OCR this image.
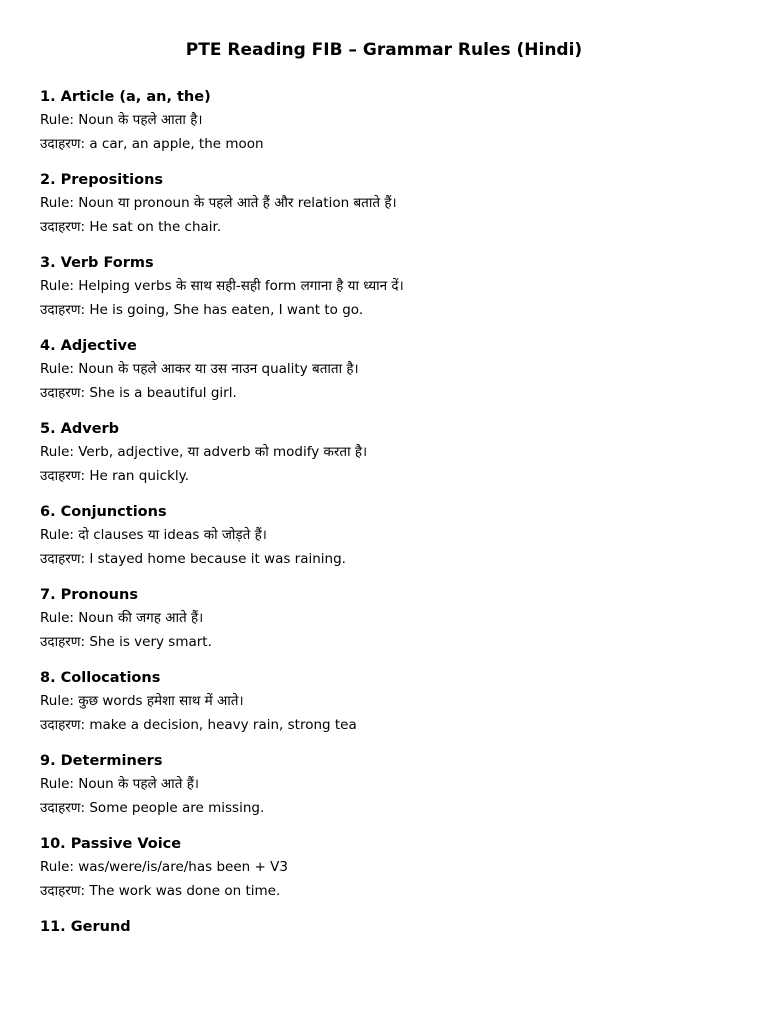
PTE Reading FIB – Grammar Rules (Hindi)
1. Article (a, an, the)
Rule: Noun के पहले आता है।
उदाहरण: a car, an apple, the moon
2. Prepositions
Rule: Noun या pronoun के पहले आते हैं और relation बताते हैं।
उदाहरण: He sat on the chair.
3. Verb Forms
Rule: Helping verbs के साथ सही-सही form लगाना है या ध्यान दें।
उदाहरण: He is going, She has eaten, I want to go.
4. Adjective
Rule: Noun के पहले आकर या उस नाउन quality बताता है।
उदाहरण: She is a beautiful girl.
5. Adverb
Rule: Verb, adjective, या adverb को modify करता है।
उदाहरण: He ran quickly.
6. Conjunctions
Rule: दो clauses या ideas को जोड़ते हैं।
उदाहरण: I stayed home because it was raining.
7. Pronouns
Rule: Noun की जगह आते हैं।
उदाहरण: She is very smart.
8. Collocations
Rule: कुछ words हमेशा साथ में आते।
उदाहरण: make a decision, heavy rain, strong tea
9. Determiners
Rule: Noun के पहले आते हैं।
उदाहरण: Some people are missing.
10. Passive Voice
Rule: was/were/is/are/has been + V3
उदाहरण: The work was done on time.
11. Gerund
